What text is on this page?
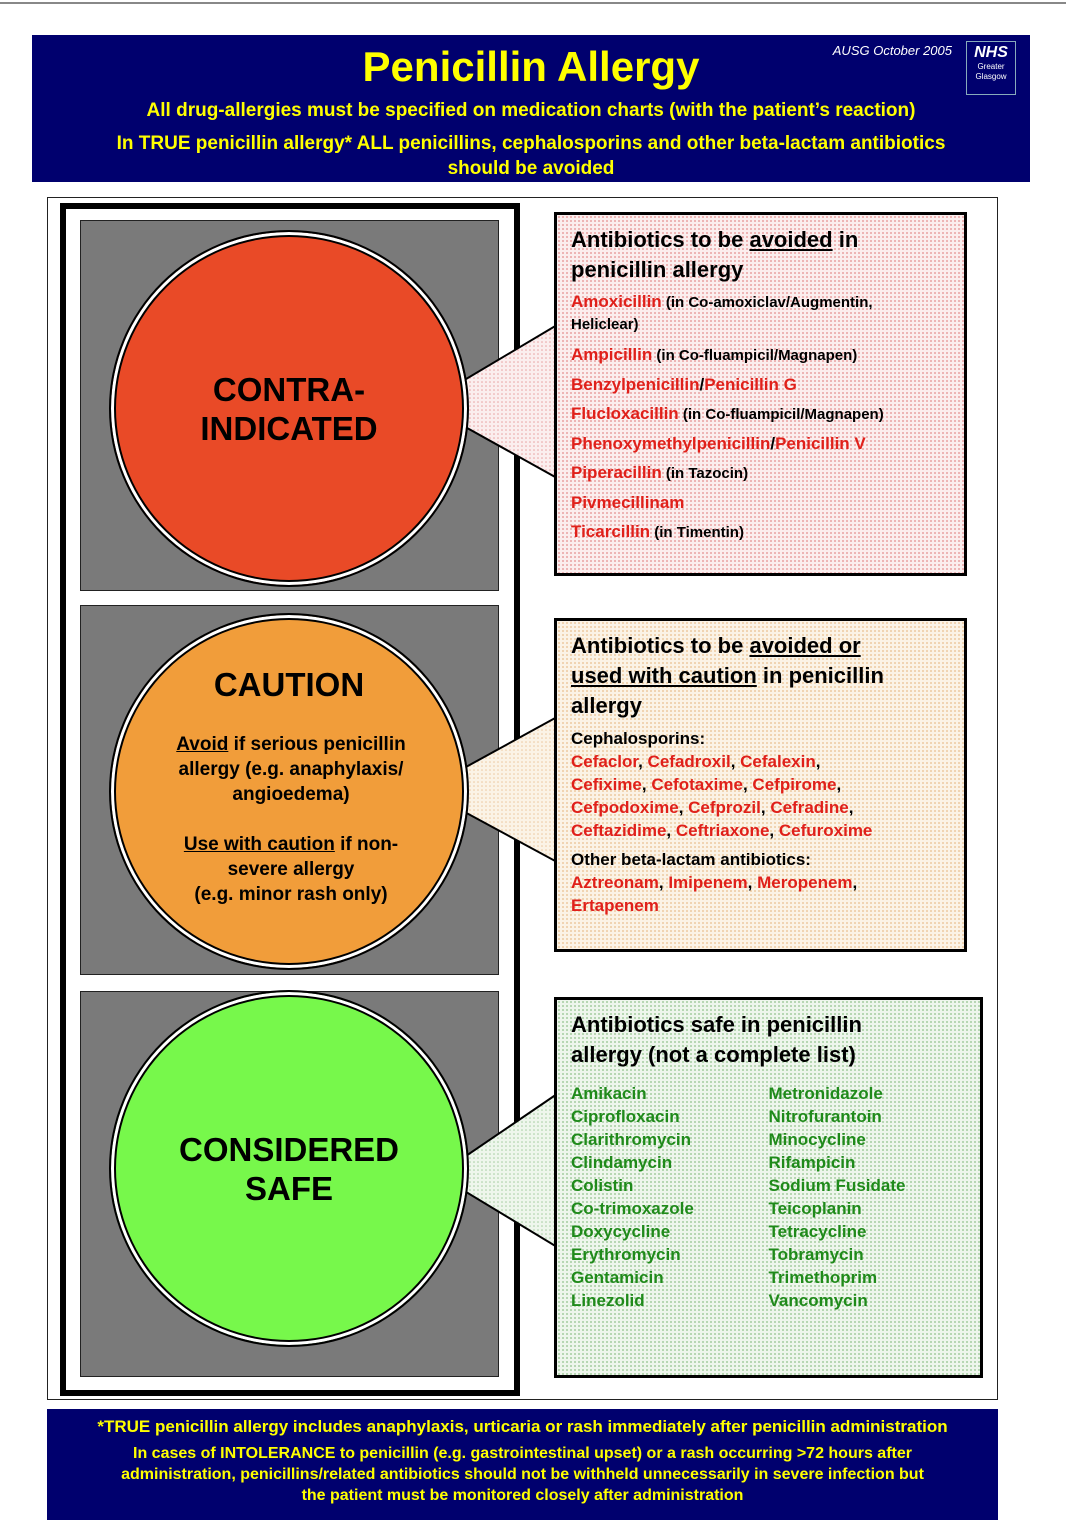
Penicillin Allergy	AUSG October 2005	NHS
Greater
Glasgow
All drug-allergies must be specified on medication charts (with the patient’s reaction)
In TRUE penicillin allergy* ALL penicillins, cephalosporins and other beta-lactam antibiotics
should be avoided
CONTRA-
INDICATED
CAUTION
Avoid if serious penicillin
allergy (e.g. anaphylaxis/
angioedema)
Use with caution if non-
severe allergy
(e.g. minor rash only)
CONSIDERED
SAFE
Antibiotics to be avoided in
penicillin allergy
Amoxicillin (in Co-amoxiclav/Augmentin,
Heliclear)
Ampicillin (in Co-fluampicil/Magnapen)
Benzylpenicillin/Penicillin G
Flucloxacillin (in Co-fluampicil/Magnapen)
Phenoxymethylpenicillin/Penicillin V
Piperacillin (in Tazocin)
Pivmecillinam
Ticarcillin (in Timentin)
Antibiotics to be avoided or
used with caution in penicillin
allergy
Cephalosporins:
Cefaclor, Cefadroxil, Cefalexin,
Cefixime, Cefotaxime, Cefpirome,
Cefpodoxime, Cefprozil, Cefradine,
Ceftazidime, Ceftriaxone, Cefuroxime
Other beta-lactam antibiotics:
Aztreonam, Imipenem, Meropenem,
Ertapenem
Antibiotics safe in penicillin
allergy (not a complete list)
Amikacin
Ciprofloxacin
Clarithromycin
Clindamycin
Colistin
Co-trimoxazole
Doxycycline
Erythromycin
Gentamicin
Linezolid
Metronidazole
Nitrofurantoin
Minocycline
Rifampicin
Sodium Fusidate
Teicoplanin
Tetracycline
Tobramycin
Trimethoprim
Vancomycin
*TRUE penicillin allergy includes anaphylaxis, urticaria or rash immediately after penicillin administration
In cases of INTOLERANCE to penicillin (e.g. gastrointestinal upset) or a rash occurring >72 hours after
administration, penicillins/related antibiotics should not be withheld unnecessarily in severe infection but
the patient must be monitored closely after administration
